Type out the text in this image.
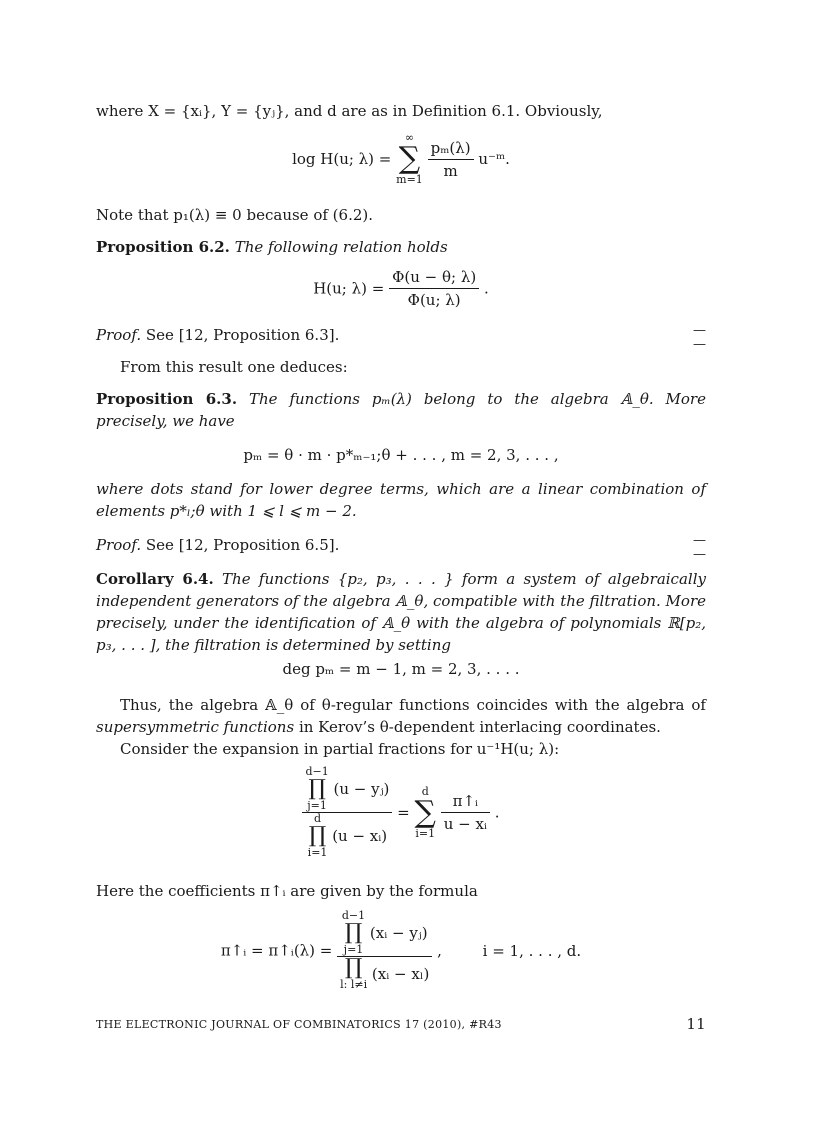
where X = {xᵢ}, Y = {yⱼ}, and d are as in Definition 6.1. Obviously,

log H(u; λ) = ∞
∑
$m=1 \frac{\text{pₘ(λ)}}{m}$ u⁻ᵐ.

Note that p₁(λ) ≡ 0 because of (6.2).

Proposition 6.2. The following relation holds

H(u; $\lambda) = \frac{\Phi(u - \theta; \lambda)}{\Phi(u; \lambda)}$ .

Proof. See [12, Proposition 6.3].	—
—

From this result one deduces:

Proposition 6.3. The functions pₘ(λ) belong to the algebra 𝔸_θ. More precisely, we have

pₘ = θ · m · p*ₘ₋₁;θ + . . . , m = 2, 3, . . . ,

where dots stand for lower degree terms, which are a linear combination of elements p*ₗ;θ with 1 ⩽ l ⩽ m − 2.

Proof. See [12, Proposition 6.5].	—
—

Corollary 6.4. The functions {p₂, p₃, . . . } form a system of algebraically independent generators of the algebra 𝔸_θ, compatible with the filtration. More precisely, under the identification of 𝔸_θ with the algebra of polynomials ℝ[p₂, p₃, . . . ], the filtration is determined by setting

deg pₘ = m − 1, m = 2, 3, . . . .

Thus, the algebra 𝔸_θ of θ-regular functions coincides with the algebra of supersymmetric functions in Kerov’s θ-dependent interlacing coordinates.

Consider the expansion in partial fractions for u⁻¹H(u; λ):

d−1
∏
j=1 (u − yⱼ)
d
∏
i=1 (u − xᵢ) = d
∑
$i=1 \frac{\text{π↑ᵢ}}{\text{u − xᵢ}}$ .

Here the coefficients π↑ᵢ are given by the formula

π↑ᵢ = π↑ᵢ(λ) = d−1
∏
j=1 (xᵢ − yⱼ)
∏
l: l≠i (xᵢ − xₗ) ,	i = 1, . . . , d.
THE ELECTRONIC JOURNAL OF COMBINATORICS 17 (2010), #R43	11
